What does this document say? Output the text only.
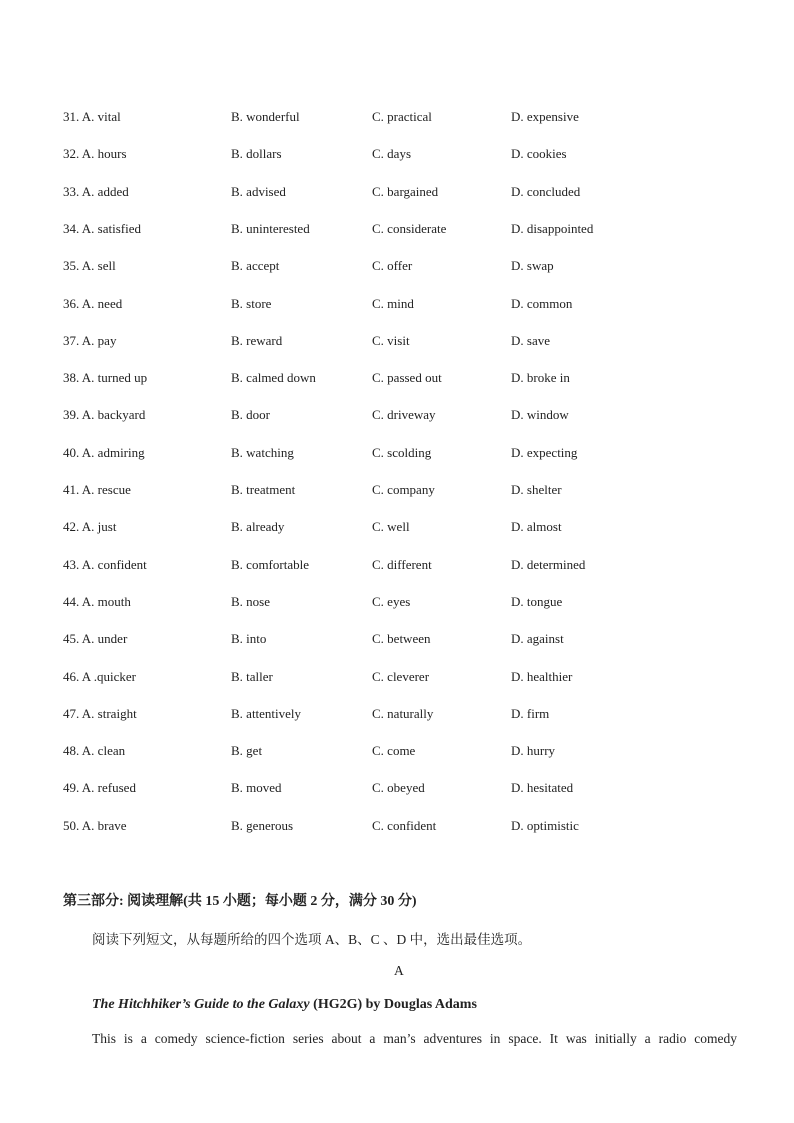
31. A. vital	B. wonderful	C. practical	D. expensive
32. A. hours	B. dollars	C. days	D. cookies
33. A. added	B. advised	C. bargained	D. concluded
34. A. satisfied	B. uninterested	C. considerate	D. disappointed
35. A. sell	B. accept	C. offer	D. swap
36. A. need	B. store	C. mind	D. common
37. A. pay	B. reward	C. visit	D. save
38. A. turned up	B. calmed down	C. passed out	D. broke in
39. A. backyard	B. door	C. driveway	D. window
40. A. admiring	B. watching	C. scolding	D. expecting
41. A. rescue	B. treatment	C. company	D. shelter
42. A. just	B. already	C. well	D. almost
43. A. confident	B. comfortable	C. different	D. determined
44. A. mouth	B. nose	C. eyes	D. tongue
45. A. under	B. into	C. between	D. against
46. A .quicker	B. taller	C. cleverer	D. healthier
47. A. straight	B. attentively	C. naturally	D. firm
48. A. clean	B. get	C. come	D. hurry
49. A. refused	B. moved	C. obeyed	D. hesitated
50. A. brave	B. generous	C. confident	D. optimistic
第三部分: 阅读理解(共 15 小题；每小题 2 分，满分 30 分)
阅读下列短文，从每题所给的四个选项 A、B、C 、D 中，选出最佳选项。
A
The Hitchhiker’s Guide to the Galaxy (HG2G) by Douglas Adams
This is a comedy science-fiction series about a man’s adventures in space. It was initially a radio comedy
